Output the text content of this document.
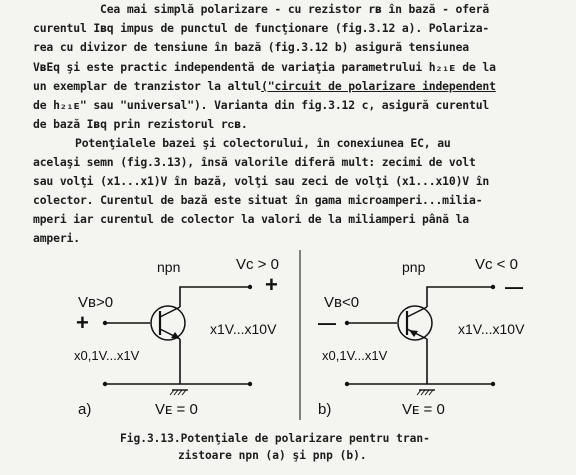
Cea mai simplă polarizare - cu rezistor rʙ în bază - oferă
curentul Iʙq impus de punctul de funcţionare (fig.3.12 a). Polariza-
rea cu divizor de tensiune în bază (fig.3.12 b) asigură tensiunea
VʙEq şi este practic independentă de variaţia parametrului h₂₁ᴇ de la
un exemplar de tranzistor la altul("circuit de polarizare independent
de h₂₁ᴇ" sau "universal"). Varianta din fig.3.12 c, asigură curentul
de bază Iʙq prin rezistorul rᴄʙ.
Potenţialele bazei şi colectorului, în conexiunea EC, au
acelaşi semn (fig.3.13), însă valorile diferă mult: zecimi de volt
sau volţi (x1...x1)V în bază, volţi sau zeci de volţi (x1...x10)V în
colector. Curentul de bază este situat în gama microamperi...milia-
mperi iar curentul de colector la valori de la miliamperi până la
amperi.
npn	Vᴄ > 0
+
Vʙ>0
+
x0,1V...x1V
x1V...x10V
Vᴇ = 0
a)
pnp	Vᴄ < 0
—
Vʙ<0
—
x0,1V...x1V
x1V...x10V
Vᴇ = 0
b)
Fig.3.13.Potenţiale de polarizare pentru tran-
zistoare npn (a) şi pnp (b).
